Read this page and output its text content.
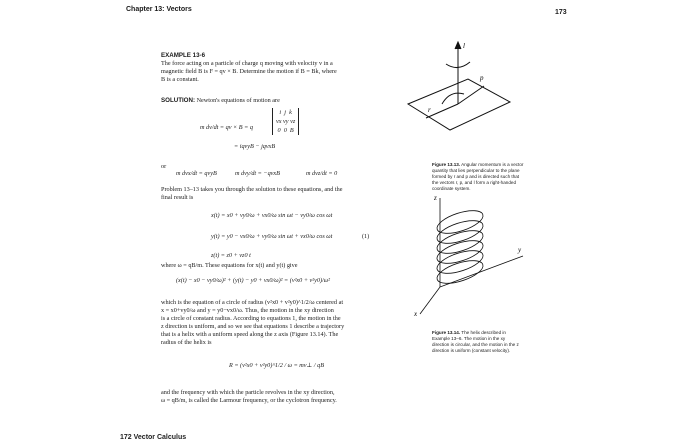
Chapter 13: Vectors	173
EXAMPLE 13-6
The force acting on a particle of charge q moving with velocity v in a
magnetic field B is F = qv × B. Determine the motion if B = Bk, where
B is a constant.
SOLUTION: Newton's equations of motion are
m dv/dt = qv × B = q
i j k
vx vy vz
0 0 B
= iqvyB − jqvxB
or
m dvx/dt = qvyB	m dvy/dt = −qvxB	m dvz/dt = 0
Problem 13–13 takes you through the solution to these equations, and the
final result is
x(t) = x0 + vy0/ω + vx0/ω sin ωt − vy0/ω cos ωt
y(t) = y0 − vx0/ω + vy0/ω sin ωt + vx0/ω cos ωt	(1)
z(t) = z0 + vz0 t
where ω = qB/m. These equations for x(t) and y(t) give
(x(t) − x0 − vy0/ω)² + (y(t) − y0 + vx0/ω)² = (v²x0 + v²y0)/ω²
which is the equation of a circle of radius (v²x0 + v²y0)^1/2/ω centered at
x = x0+vy0/ω and y = y0−vx0/ω. Thus, the motion in the xy direction
is a circle of constant radius. According to equations 1, the motion in the
z direction is uniform, and so we see that equations 1 describe a trajectory
that is a helix with a uniform speed along the z axis (Figure 13.14). The
radius of the helix is
R = (v²x0 + v²y0)^1/2 / ω = mv⊥ / qB
and the frequency with which the particle revolves in the xy direction,
ω = qB/m, is called the Larmour frequency, or the cyclotron frequency.
l
r
p
Figure 13.13. Angular momentum is a vector quantity that lies perpendicular to the plane formed by r and p and is directed such that the vectors r, p, and l form a right-handed coordinate system.
z
y
x
Figure 13.14. The helix described in Example 13–6. The motion in the xy direction is circular, and the motion in the z direction is uniform (constant velocity).
172 Vector Calculus
